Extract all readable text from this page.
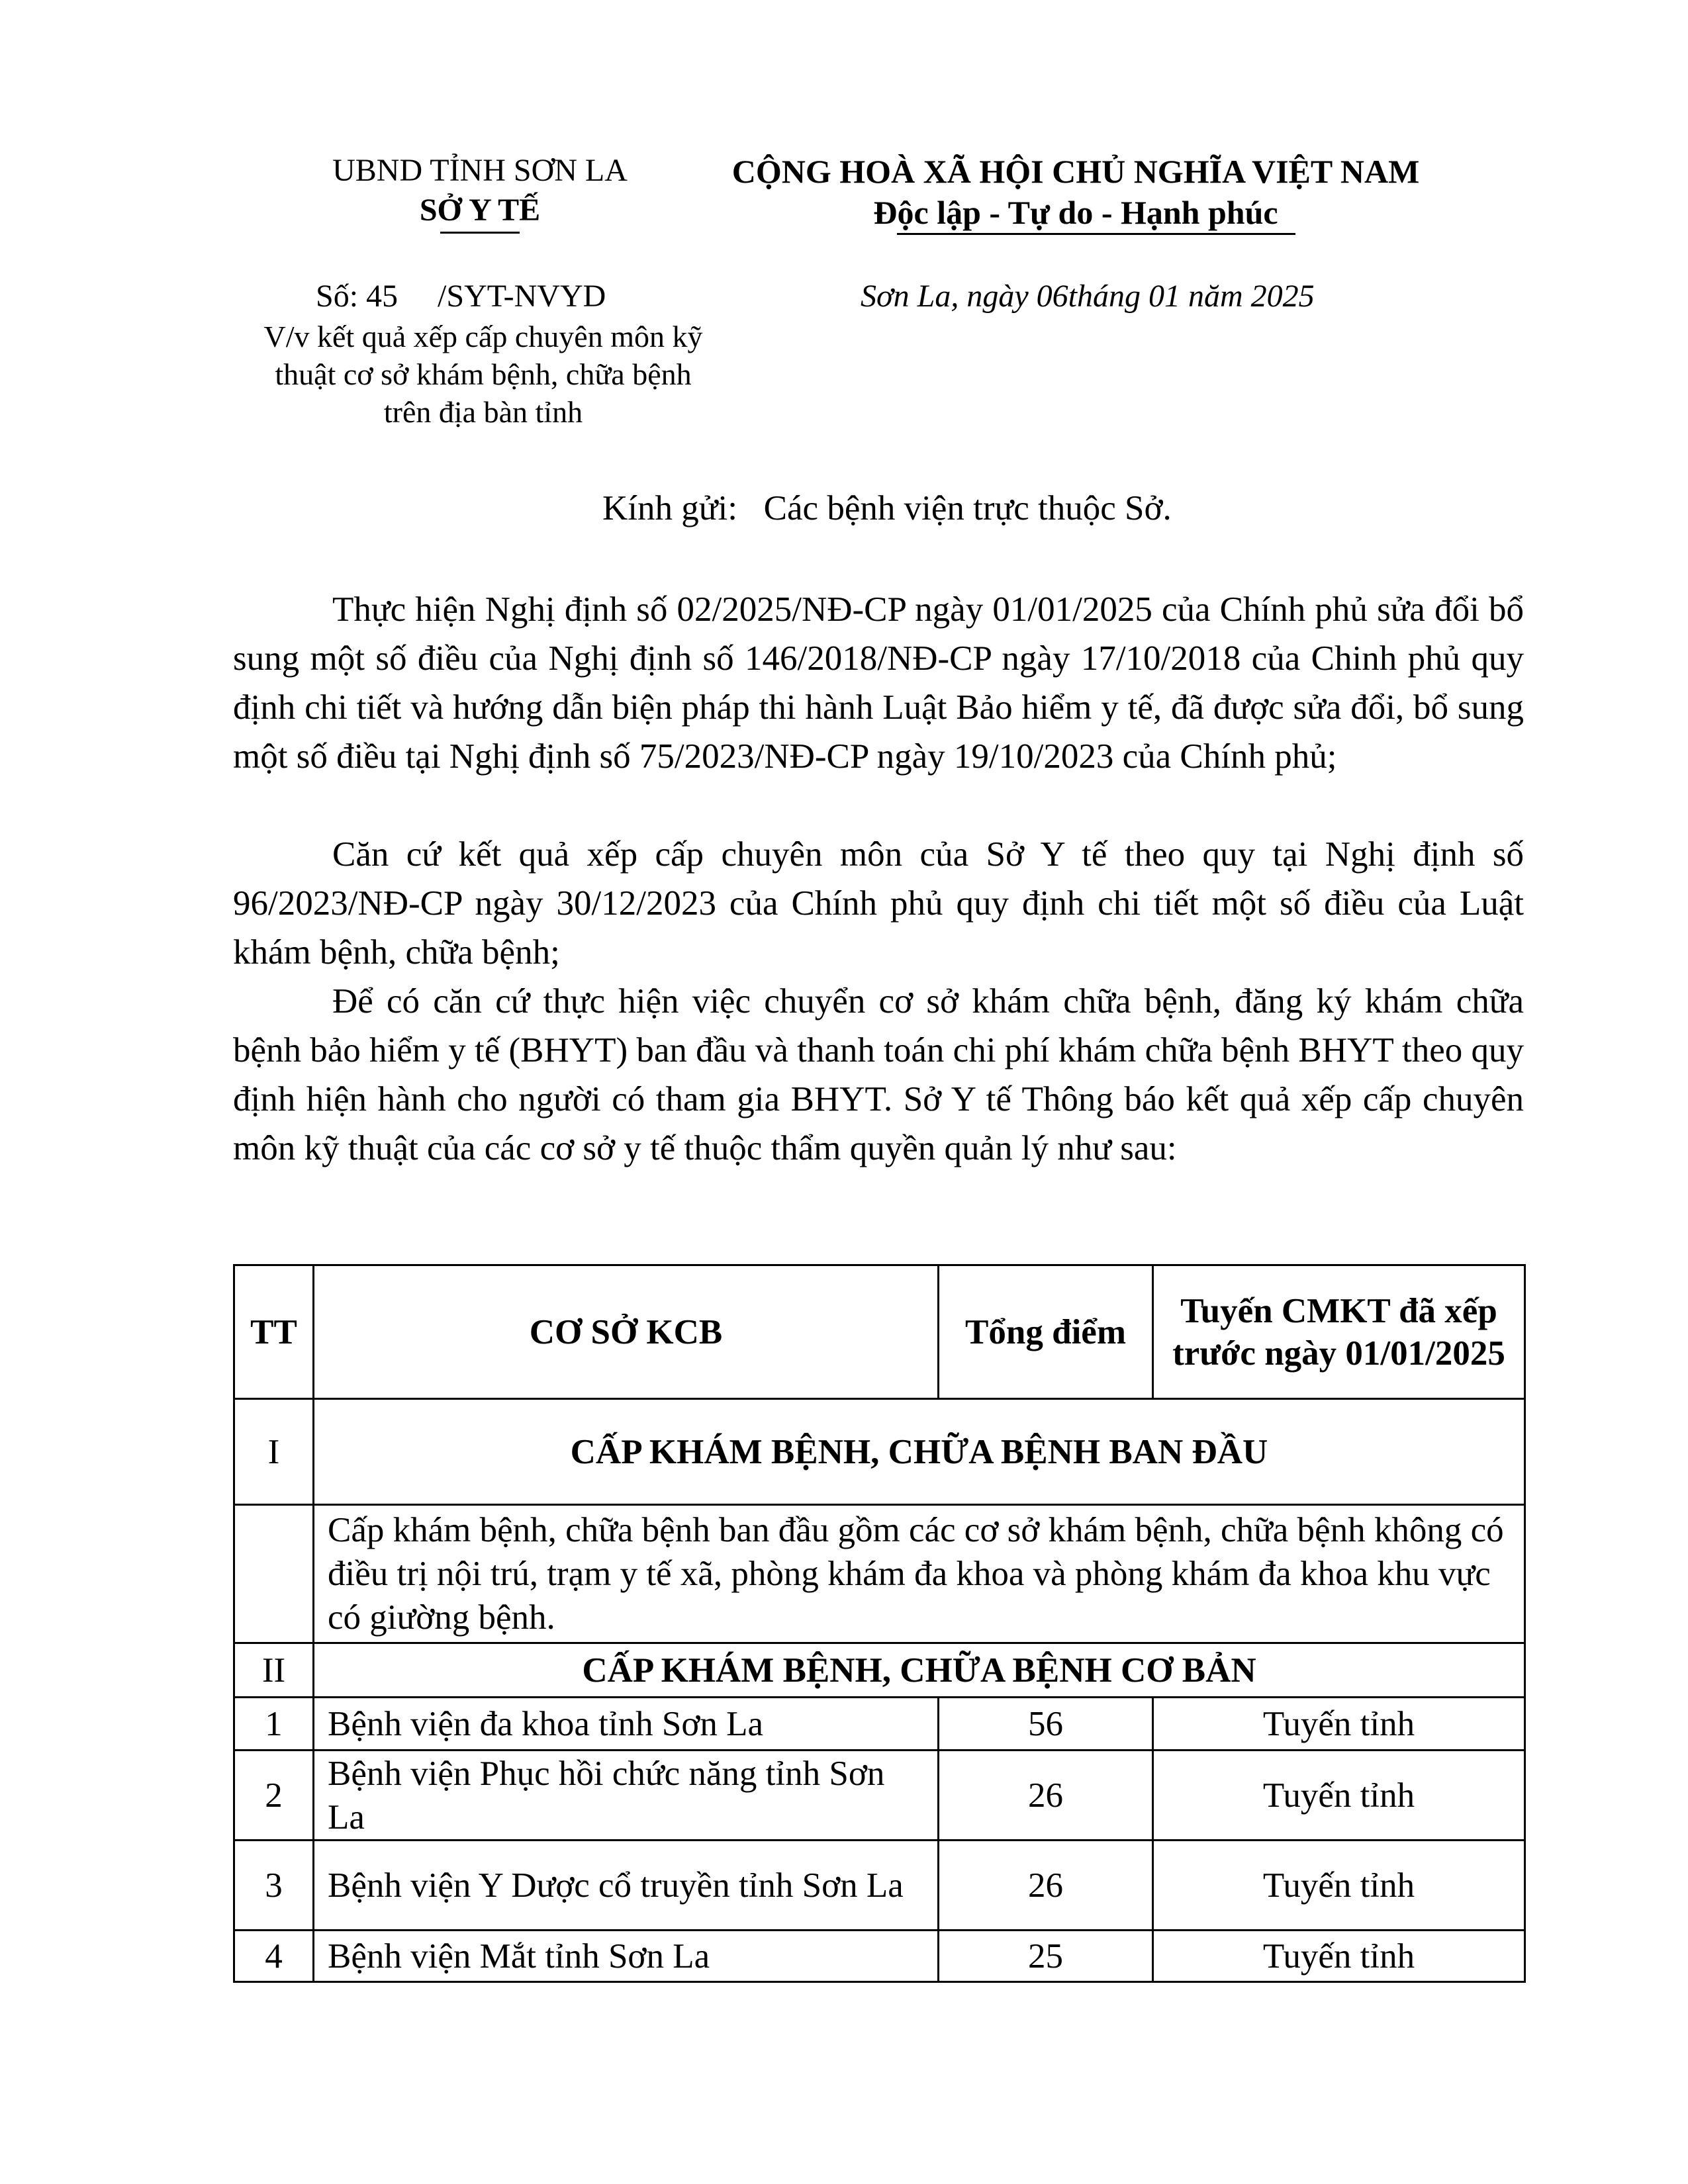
UBND TỈNH SƠN LA
SỞ Y TẾ
CỘNG HOÀ XÃ HỘI CHỦ NGHĨA VIỆT NAM
Độc lập - Tự do - Hạnh phúc
Số: 45     /SYT-NVYD	Sơn La, ngày 06tháng 01 năm 2025
V/v kết quả xếp cấp chuyên môn kỹ thuật cơ sở khám bệnh, chữa bệnh trên địa bàn tỉnh
Kính gửi:   Các bệnh viện trực thuộc Sở.
Thực hiện Nghị định số 02/2025/NĐ-CP ngày 01/01/2025 của Chính phủ sửa đổi bổ sung một số điều của Nghị định số 146/2018/NĐ-CP ngày 17/10/2018 của Chinh phủ quy định chi tiết và hướng dẫn biện pháp thi hành Luật Bảo hiểm y tế, đã được sửa đổi, bổ sung một số điều tại Nghị định số 75/2023/NĐ-CP ngày 19/10/2023 của Chính phủ;
Căn cứ kết quả xếp cấp chuyên môn của Sở Y tế theo quy tại Nghị định số 96/2023/NĐ-CP ngày 30/12/2023 của Chính phủ quy định chi tiết một số điều của Luật khám bệnh, chữa bệnh;
Để có căn cứ thực hiện việc chuyển cơ sở khám chữa bệnh, đăng ký khám chữa bệnh bảo hiểm y tế (BHYT) ban đầu và thanh toán chi phí khám chữa bệnh BHYT theo quy định hiện hành cho người có tham gia BHYT. Sở Y tế Thông báo kết quả xếp cấp chuyên môn kỹ thuật của các cơ sở y tế thuộc thẩm quyền quản lý như sau:
TT	CƠ SỞ KCB	Tổng điểm	Tuyến CMKT đã xếp trước ngày 01/01/2025
I	CẤP KHÁM BỆNH, CHỮA BỆNH BAN ĐẦU		
	Cấp khám bệnh, chữa bệnh ban đầu gồm các cơ sở khám bệnh, chữa bệnh không có điều trị nội trú, trạm y tế xã, phòng khám đa khoa và phòng khám đa khoa khu vực có giường bệnh.		
II	CẤP KHÁM BỆNH, CHỮA BỆNH CƠ BẢN		
1	Bệnh viện đa khoa tỉnh Sơn La	56	Tuyến tỉnh
2	Bệnh viện Phục hồi chức năng tỉnh Sơn La	26	Tuyến tỉnh
3	Bệnh viện Y Dược cổ truyền tỉnh Sơn La	26	Tuyến tỉnh
4	Bệnh viện Mắt tỉnh Sơn La	25	Tuyến tỉnh
